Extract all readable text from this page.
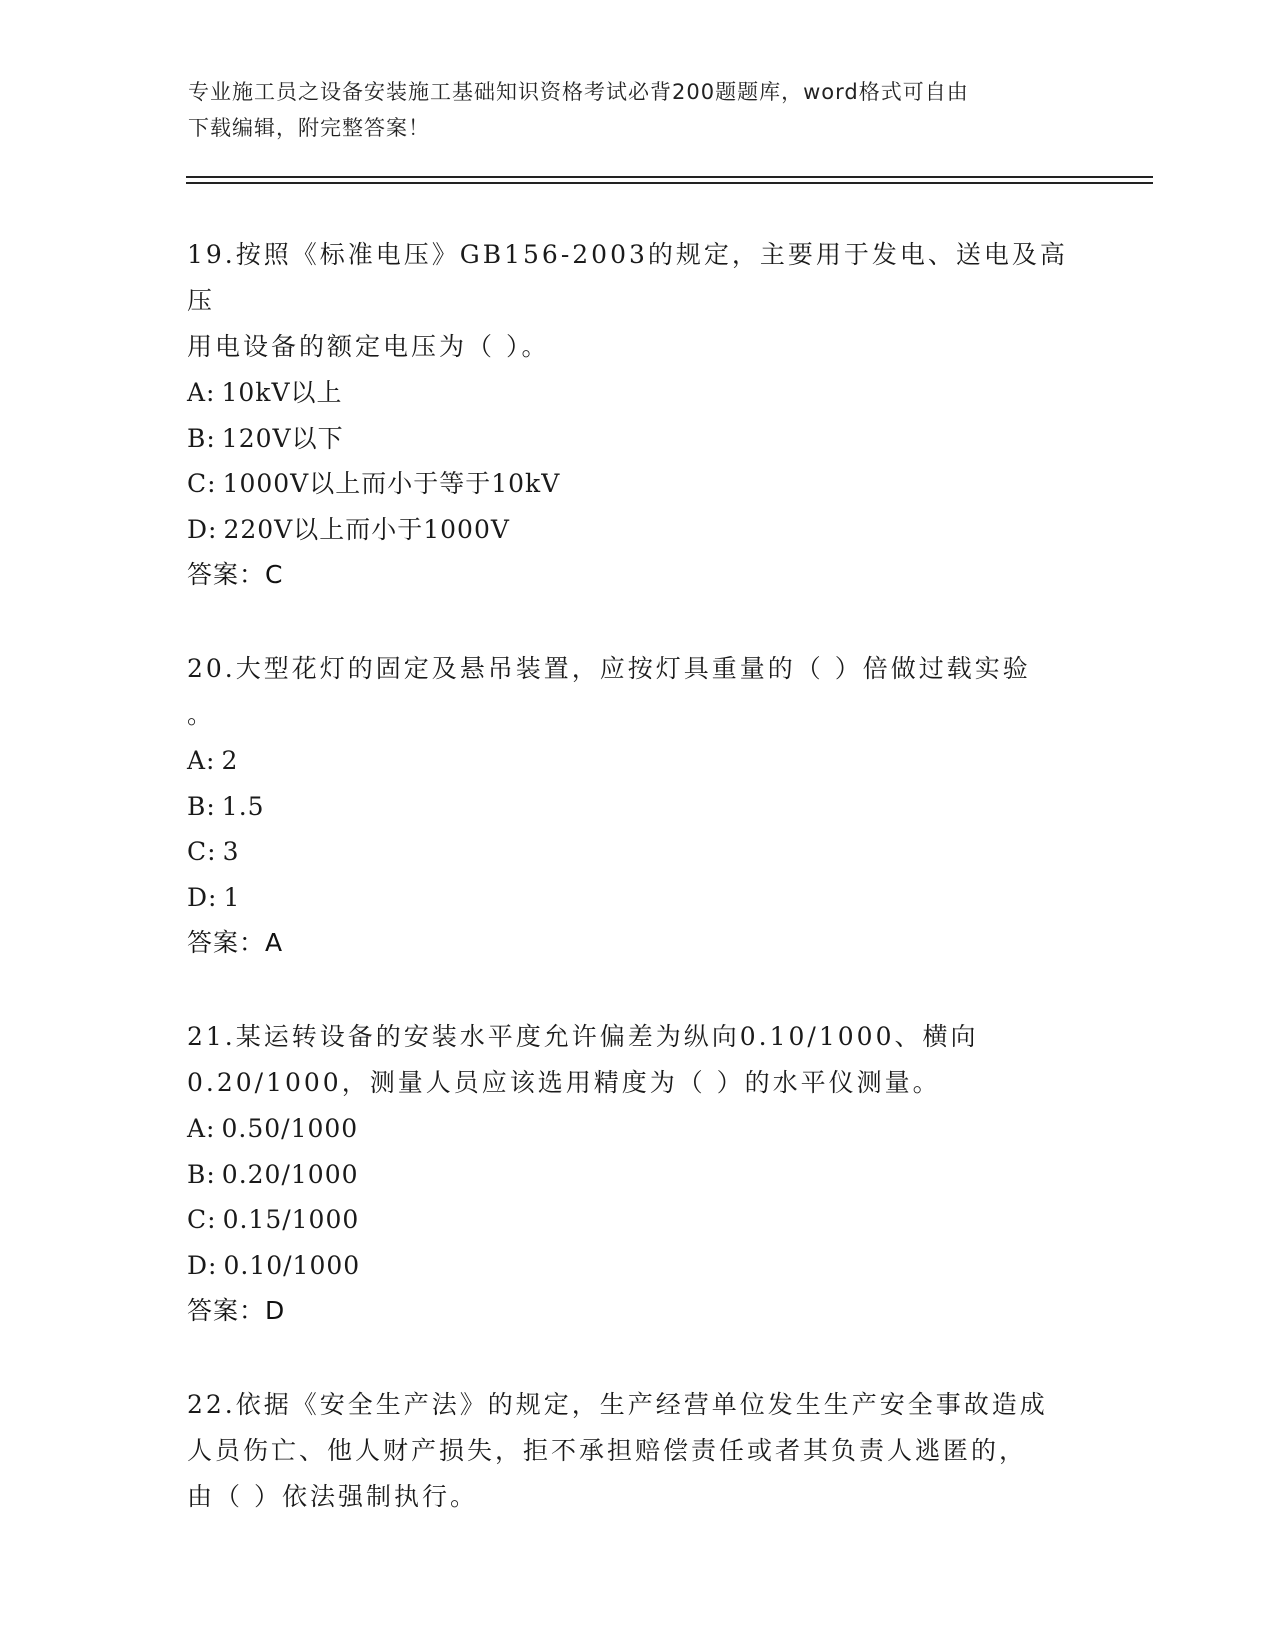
专业施工员之设备安装施工基础知识资格考试必背200题题库，word格式可自由
下载编辑，附完整答案！

19.按照《标准电压》GB156-2003的规定，主要用于发电、送电及高压

用电设备的额定电压为（ ）。

A: 10kV以上

B: 120V以下

C: 1000V以上而小于等于10kV

D: 220V以上而小于1000V

答案：C

20.大型花灯的固定及悬吊装置，应按灯具重量的（ ）倍做过载实验

。

A: 2

B: 1.5

C: 3

D: 1

答案：A

21.某运转设备的安装水平度允许偏差为纵向0.10/1000、横向

0.20/1000，测量人员应该选用精度为（ ）的水平仪测量。

A: 0.50/1000

B: 0.20/1000

C: 0.15/1000

D: 0.10/1000

答案：D

22.依据《安全生产法》的规定，生产经营单位发生生产安全事故造成

人员伤亡、他人财产损失，拒不承担赔偿责任或者其负责人逃匿的，

由（ ）依法强制执行。
